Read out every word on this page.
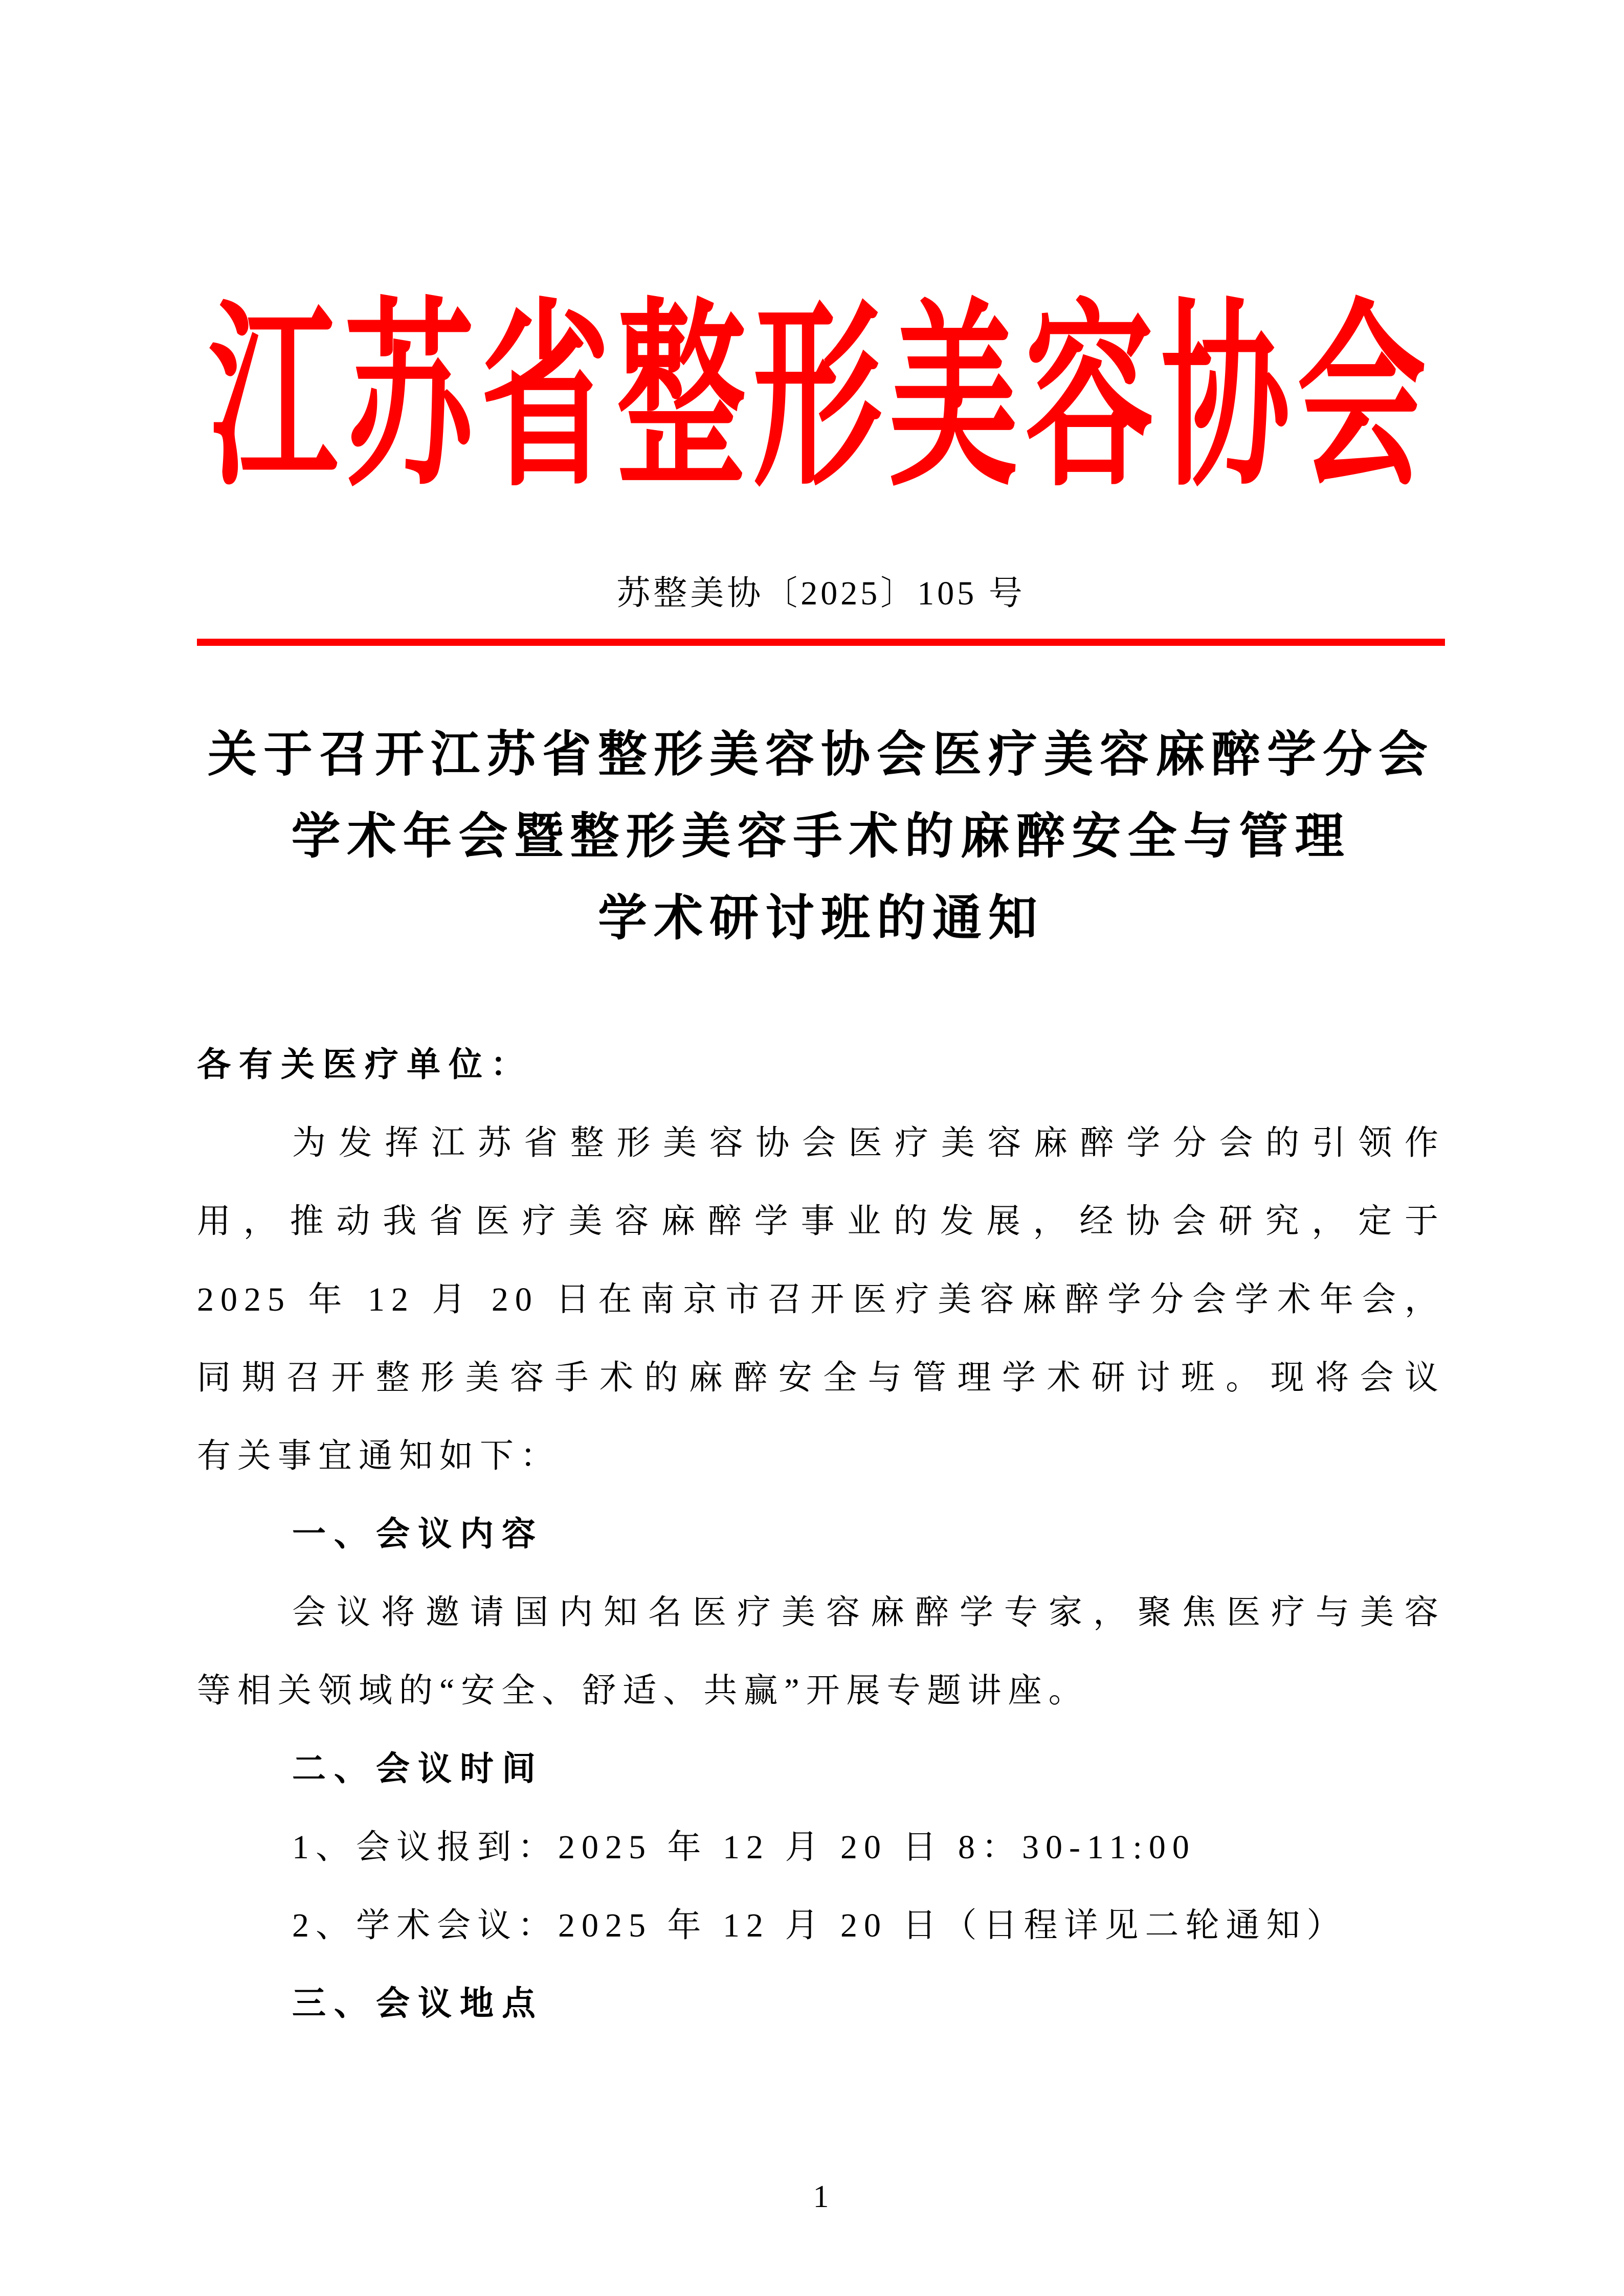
江苏省整形美容协会
苏整美协〔2025〕105 号
关于召开江苏省整形美容协会医疗美容麻醉学分会
学术年会暨整形美容手术的麻醉安全与管理
学术研讨班的通知
各有关医疗单位：
为发挥江苏省整形美容协会医疗美容麻醉学分会的引领作
用，推动我省医疗美容麻醉学事业的发展，经协会研究，定于
2025 年 12 月 20 日在南京市召开医疗美容麻醉学分会学术年会，
同期召开整形美容手术的麻醉安全与管理学术研讨班。现将会议
有关事宜通知如下：
一、会议内容
会议将邀请国内知名医疗美容麻醉学专家，聚焦医疗与美容
等相关领域的“安全、舒适、共赢”开展专题讲座。
二、会议时间
1、会议报到：2025 年 12 月 20 日 8：30-11:00
2、学术会议：2025 年 12 月 20 日（日程详见二轮通知）
三、会议地点
1
